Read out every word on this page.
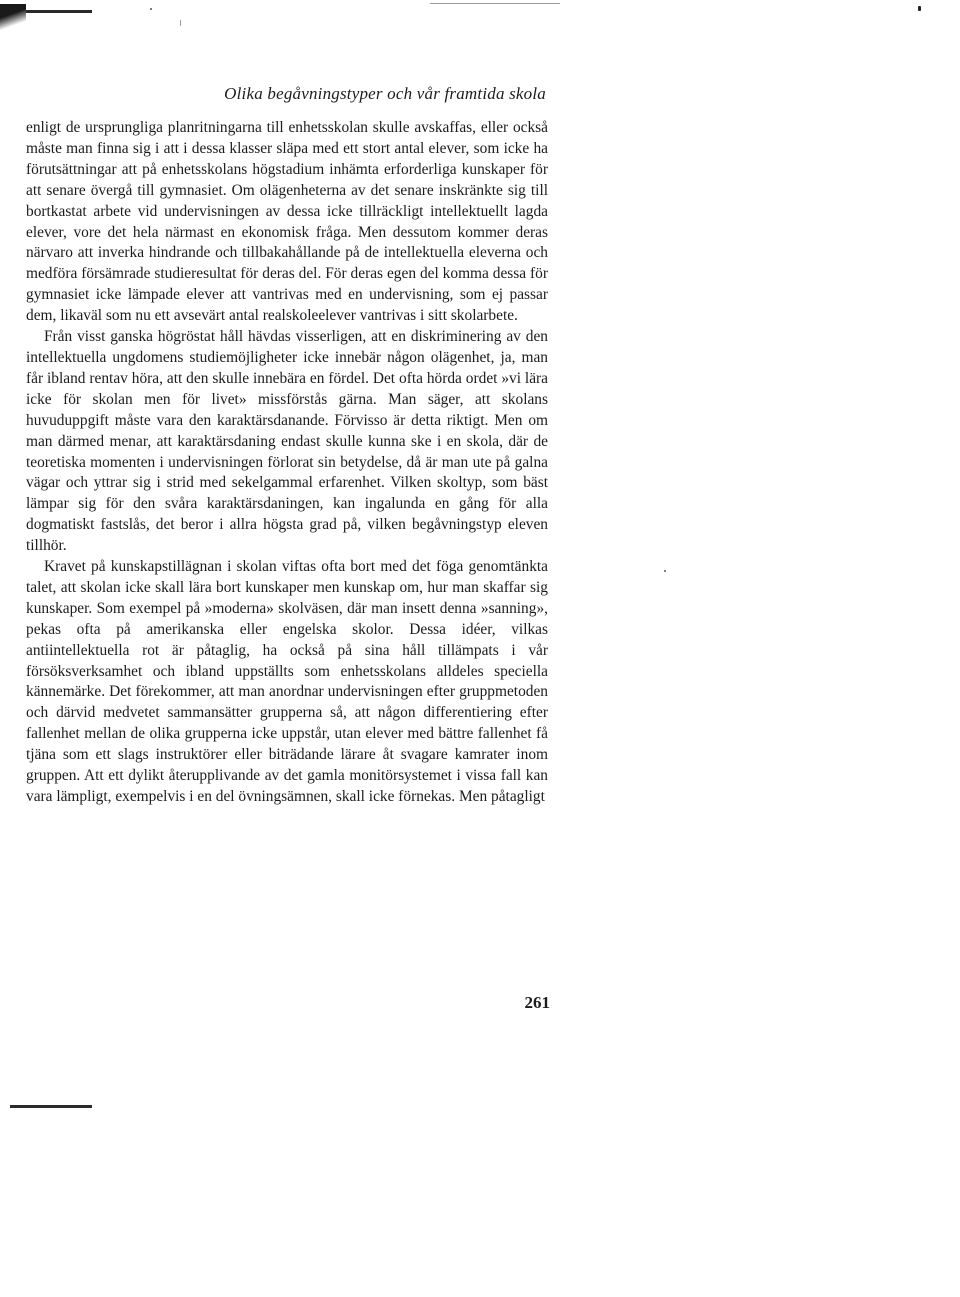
Olika begåvningstyper och vår framtida skola

enligt de ursprungliga planritningarna till enhetsskolan skulle avskaffas, eller också måste man finna sig i att i dessa klasser släpa med ett stort antal elever, som icke ha förutsättningar att på enhetsskolans högstadium inhämta erforderliga kunskaper för att senare övergå till gymnasiet. Om olägenheterna av det senare inskränkte sig till bortkastat arbete vid undervisningen av dessa icke tillräckligt intellektuellt lagda elever, vore det hela närmast en ekonomisk fråga. Men dessutom kommer deras närvaro att inverka hindrande och tillbakahållande på de intellektuella eleverna och medföra försämrade studieresultat för deras del. För deras egen del komma dessa för gymnasiet icke lämpade elever att vantrivas med en undervisning, som ej passar dem, likaväl som nu ett avsevärt antal realskoleelever vantrivas i sitt skolarbete.

Från visst ganska högröstat håll hävdas visserligen, att en diskriminering av den intellektuella ungdomens studiemöjligheter icke innebär någon olägenhet, ja, man får ibland rentav höra, att den skulle innebära en fördel. Det ofta hörda ordet »vi lära icke för skolan men för livet» missförstås gärna. Man säger, att skolans huvuduppgift måste vara den karaktärsdanande. Förvisso är detta riktigt. Men om man därmed menar, att karaktärsdaning endast skulle kunna ske i en skola, där de teoretiska momenten i undervisningen förlorat sin betydelse, då är man ute på galna vägar och yttrar sig i strid med sekelgammal erfarenhet. Vilken skoltyp, som bäst lämpar sig för den svåra karaktärsdaningen, kan ingalunda en gång för alla dogmatiskt fastslås, det beror i allra högsta grad på, vilken begåvningstyp eleven tillhör.

Kravet på kunskapstillägnan i skolan viftas ofta bort med det föga genomtänkta talet, att skolan icke skall lära bort kunskaper men kunskap om, hur man skaffar sig kunskaper. Som exempel på »moderna» skolväsen, där man insett denna »sanning», pekas ofta på amerikanska eller engelska skolor. Dessa idéer, vilkas antiintellektuella rot är påtaglig, ha också på sina håll tillämpats i vår försöksverksamhet och ibland uppställts som enhetsskolans alldeles speciella kännemärke. Det förekommer, att man anordnar undervisningen efter gruppmetoden och därvid medvetet sammansätter grupperna så, att någon differentiering efter fallenhet mellan de olika grupperna icke uppstår, utan elever med bättre fallenhet få tjäna som ett slags instruktörer eller biträdande lärare åt svagare kamrater inom gruppen. Att ett dylikt återupplivande av det gamla monitörsystemet i vissa fall kan vara lämpligt, exempelvis i en del övningsämnen, skall icke förnekas. Men påtagligt

261
